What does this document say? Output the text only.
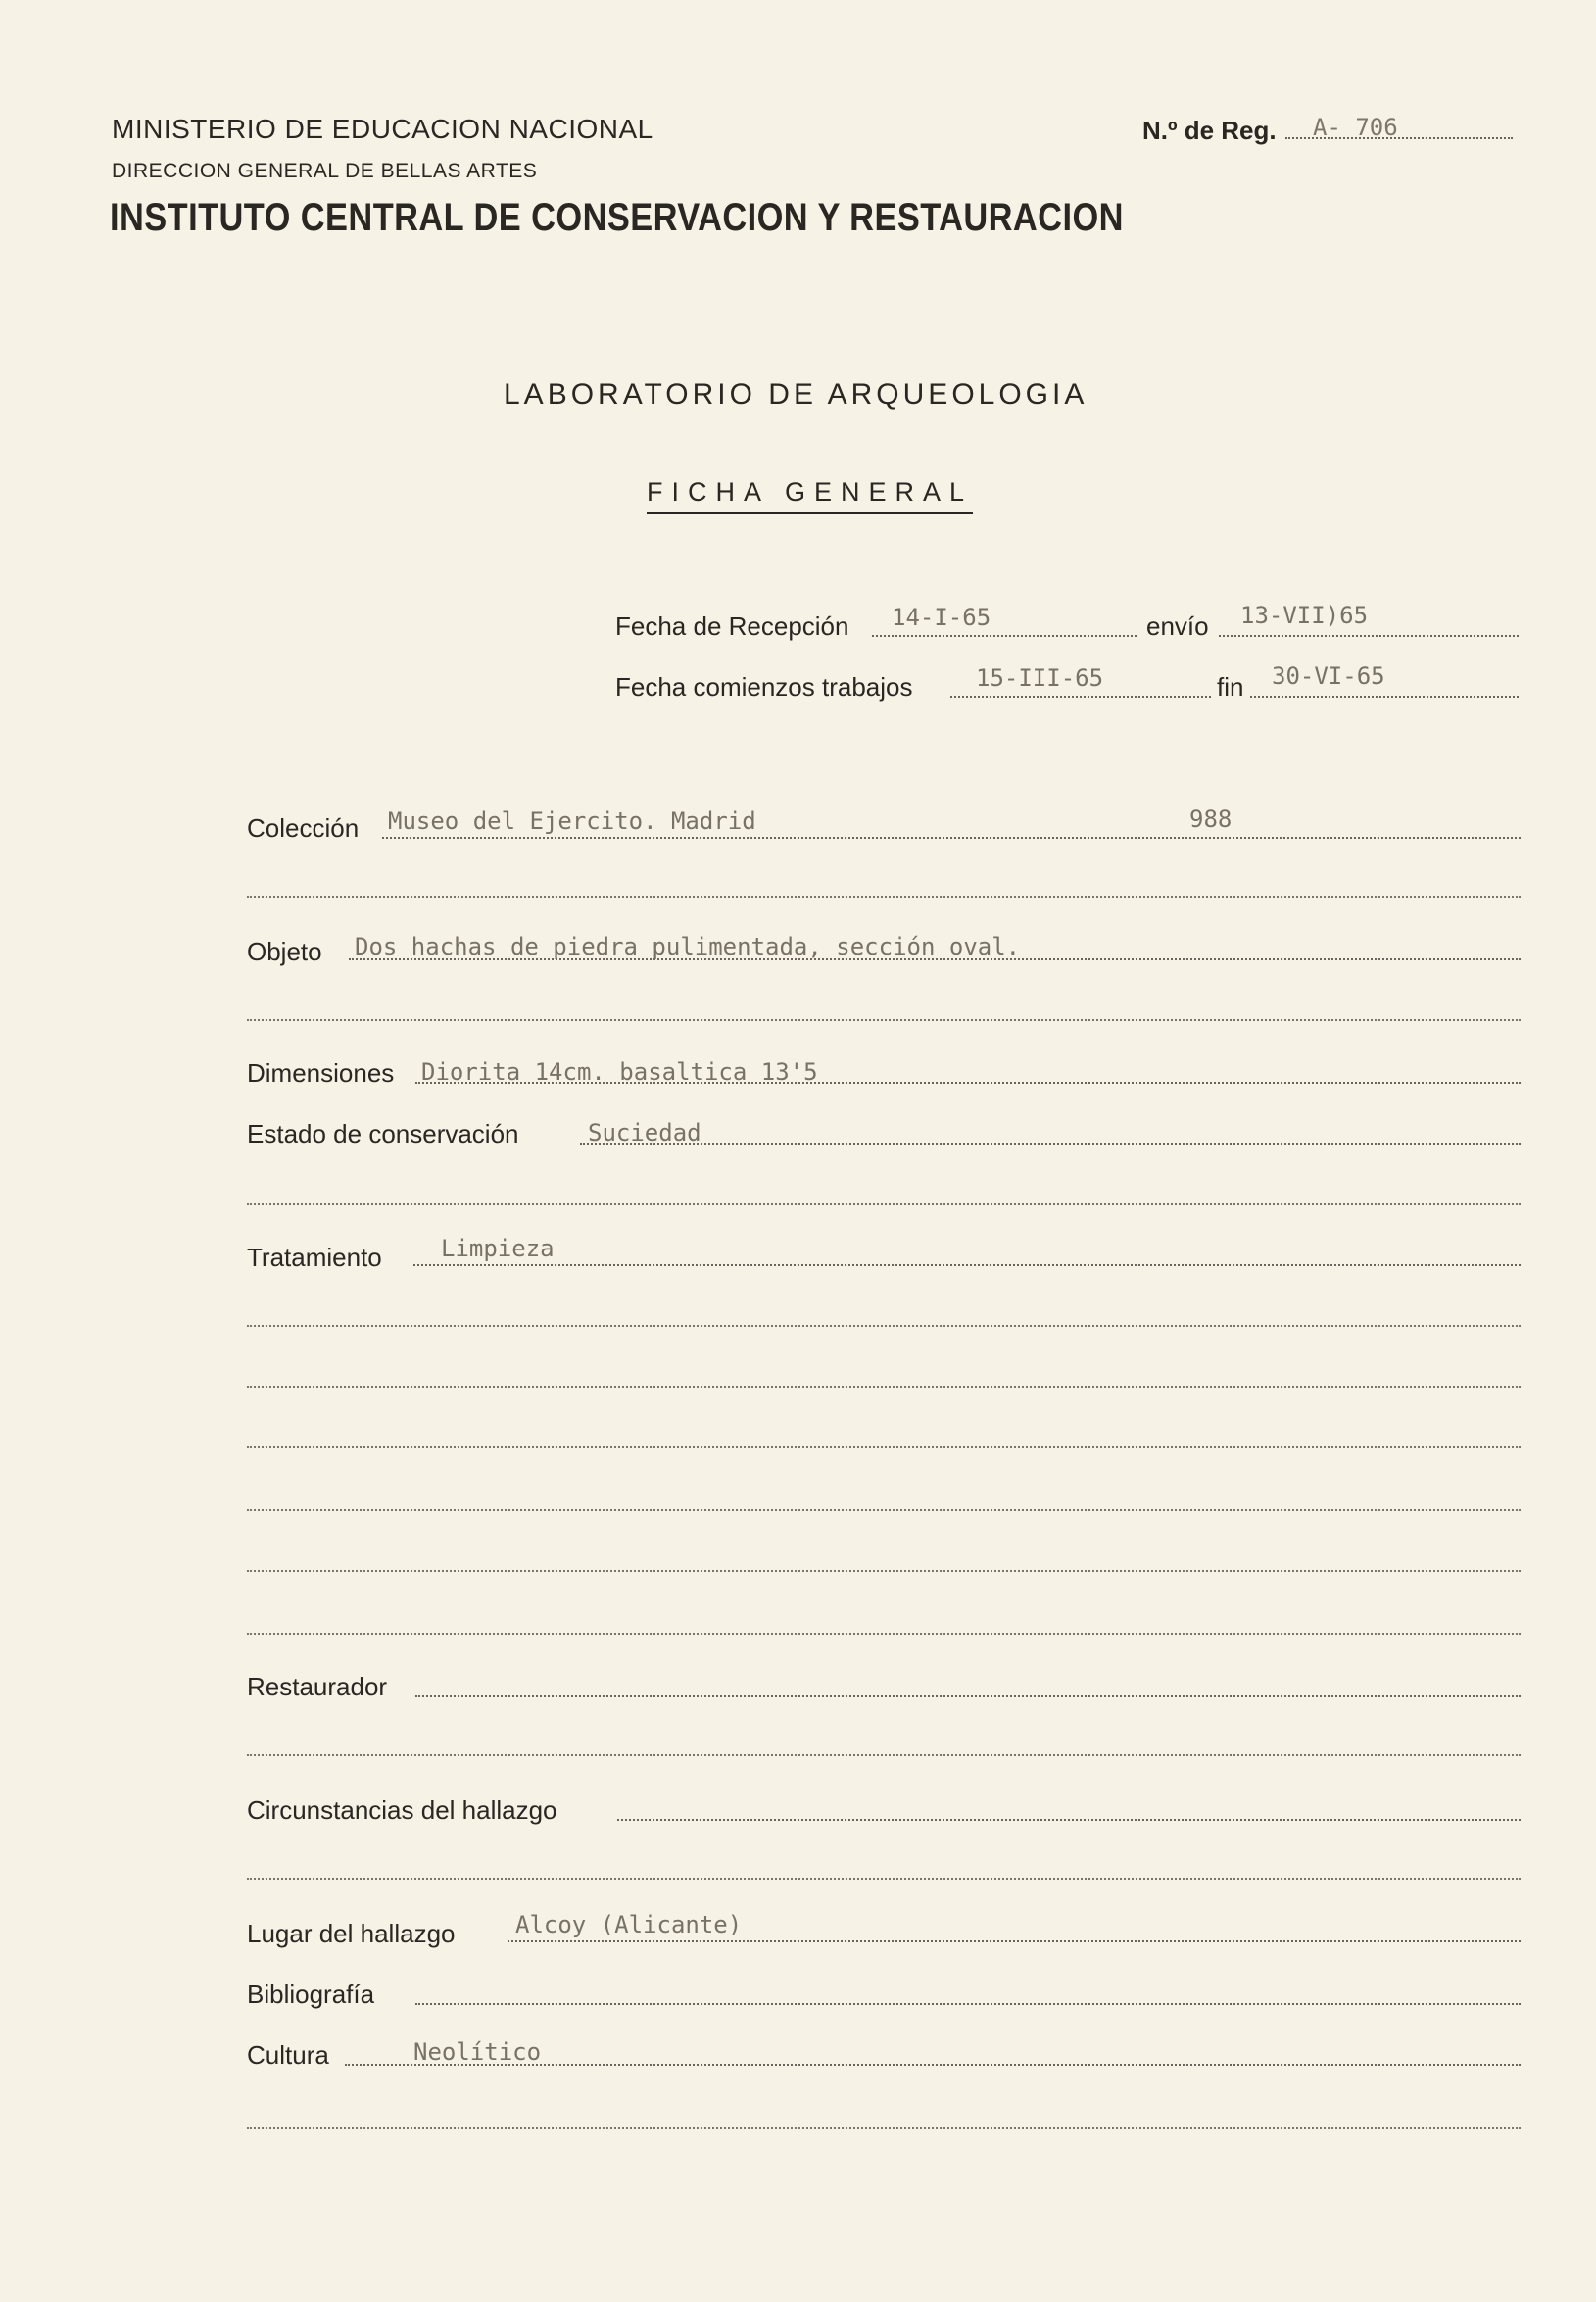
MINISTERIO DE EDUCACION NACIONAL
DIRECCION GENERAL DE BELLAS ARTES
INSTITUTO CENTRAL DE CONSERVACION Y RESTAURACION
N.º de Reg. A- 706
LABORATORIO DE ARQUEOLOGIA
FICHA GENERAL
Fecha de Recepción 14-I-65	envío 13-VII)65
Fecha comienzos trabajos	15-III-65	fin 30-VI-65
Colección Museo del Ejercito. Madrid	988
Objeto Dos hachas de piedra pulimentada, sección oval.
Dimensiones Diorita 14cm. basaltica 13'5
Estado de conservación	Suciedad
Tratamiento	Limpieza
Restaurador
Circunstancias del hallazgo
Lugar del hallazgo	Alcoy (Alicante)
Bibliografía
Cultura	Neolítico
